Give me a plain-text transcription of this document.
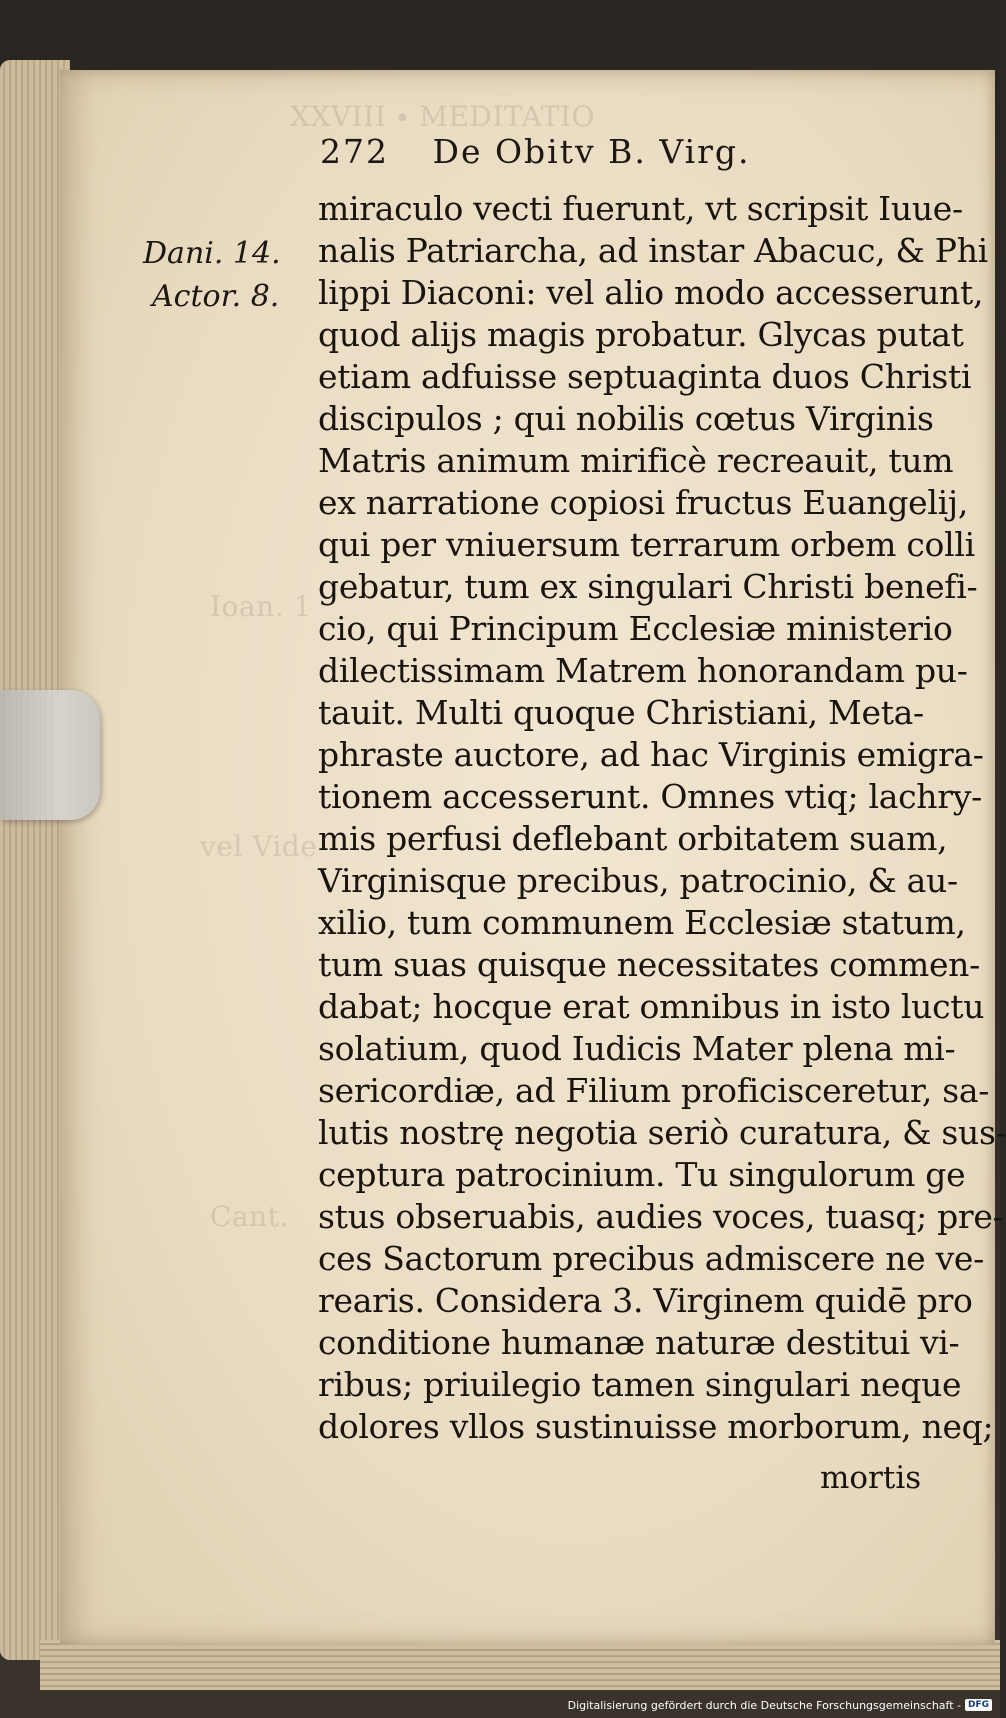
XXVIII ∙ MEDITATIO
Ioan. 1
vel Vide
Cant.
272 De Obitv B. Virg.
Dani. 14.
Actor. 8.
miraculo vecti fuerunt, vt scripsit Iuue-
nalis Patriarcha, ad instar Abacuc, & Phi
lippi Diaconi: vel alio modo accesserunt,
quod alijs magis probatur. Glycas putat
etiam adfuisse septuaginta duos Christi
discipulos ; qui nobilis cœtus Virginis
Matris animum mirificè recreauit, tum
ex narratione copiosi fructus Euangelij,
qui per vniuersum terrarum orbem colli
gebatur, tum ex singulari Christi benefi-
cio, qui Principum Ecclesiæ ministerio
dilectissimam Matrem honorandam pu-
tauit. Multi quoque Christiani, Meta-
phraste auctore, ad hac Virginis emigra-
tionem accesserunt. Omnes vtiq; lachry-
mis perfusi deflebant orbitatem suam,
Virginisque precibus, patrocinio, & au-
xilio, tum communem Ecclesiæ statum,
tum suas quisque necessitates commen-
dabat; hocque erat omnibus in isto luctu
solatium, quod Iudicis Mater plena mi-
sericordiæ, ad Filium proficisceretur, sa-
lutis nostrę negotia seriò curatura, & sus-
ceptura patrocinium. Tu singulorum ge
stus obseruabis, audies voces, tuasq; pre-
ces Sactorum precibus admiscere ne ve-
rearis. Considera 3. Virginem quidē pro
conditione humanæ naturæ destitui vi-
ribus; priuilegio tamen singulari neque
dolores vllos sustinuisse morborum, neq;
mortis
Digitalisierung gefördert durch die Deutsche Forschungsgemeinschaft - DFG
